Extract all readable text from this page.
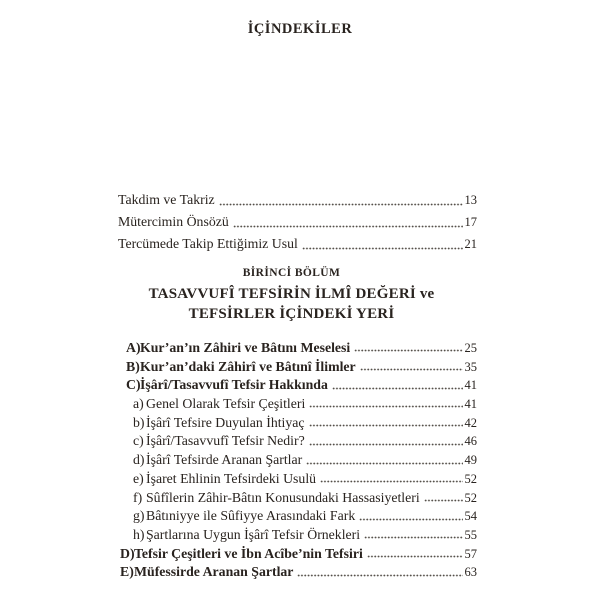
İÇİNDEKİLER
Takdim ve Takriz	13
Mütercimin Önsözü	17
Tercümede Takip Ettiğimiz Usul	21
BİRİNCİ BÖLÜM
TASAVVUFÎ TEFSİRİN İLMÎ DEĞERİ ve
TEFSİRLER İÇİNDEKİ YERİ
A) Kur’an’ın Zâhiri ve Bâtını Meselesi	25
B) Kur’an’daki Zâhirî ve Bâtınî İlimler	35
C) İşârî/Tasavvufî Tefsir Hakkında	41
a) Genel Olarak Tefsir Çeşitleri	41
b) İşârî Tefsire Duyulan İhtiyaç	42
c) İşârî/Tasavvufî Tefsir Nedir?	46
d) İşârî Tefsirde Aranan Şartlar	49
e) İşaret Ehlinin Tefsirdeki Usulü	52
f) Sûfîlerin Zâhir-Bâtın Konusundaki Hassasiyetleri	52
g) Bâtıniyye ile Sûfiyye Arasındaki Fark	54
h) Şartlarına Uygun İşârî Tefsir Örnekleri	55
D) Tefsir Çeşitleri ve İbn Acîbe’nin Tefsiri	57
E) Müfessirde Aranan Şartlar	63
